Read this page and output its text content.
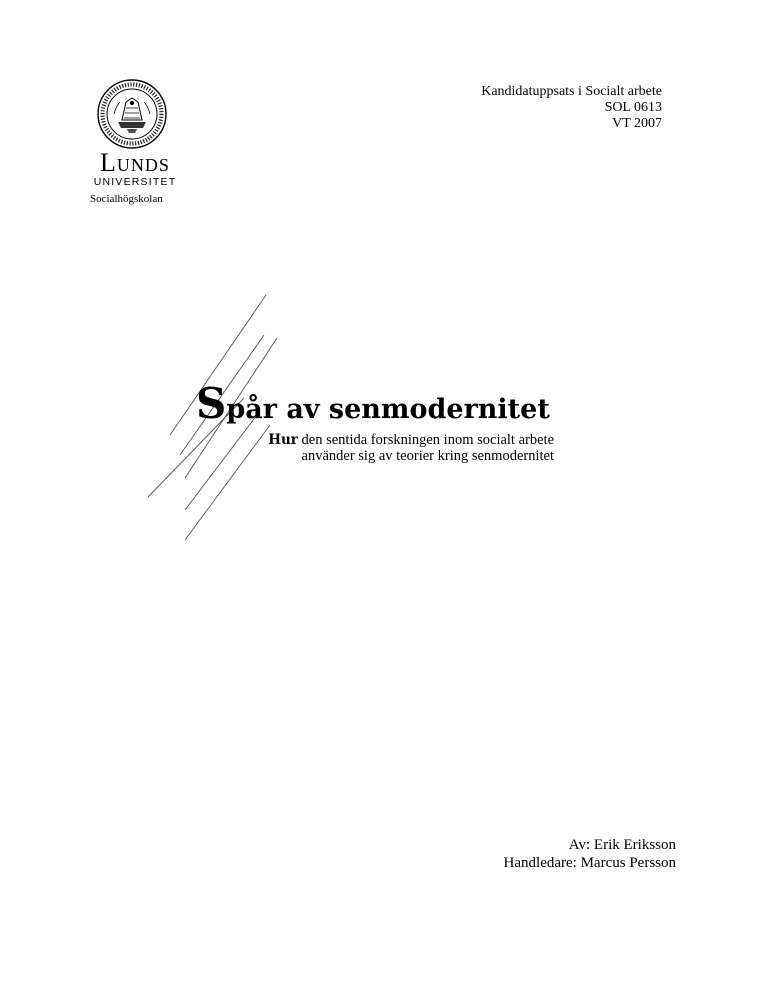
Kandidatuppsats i Socialt arbete
SOL 0613
VT 2007
Lunds
UNIVERSITET
Socialhögskolan
Spår av senmodernitet
Hur den sentida forskningen inom socialt arbete
använder sig av teorier kring senmodernitet
Av: Erik Eriksson
Handledare: Marcus Persson
